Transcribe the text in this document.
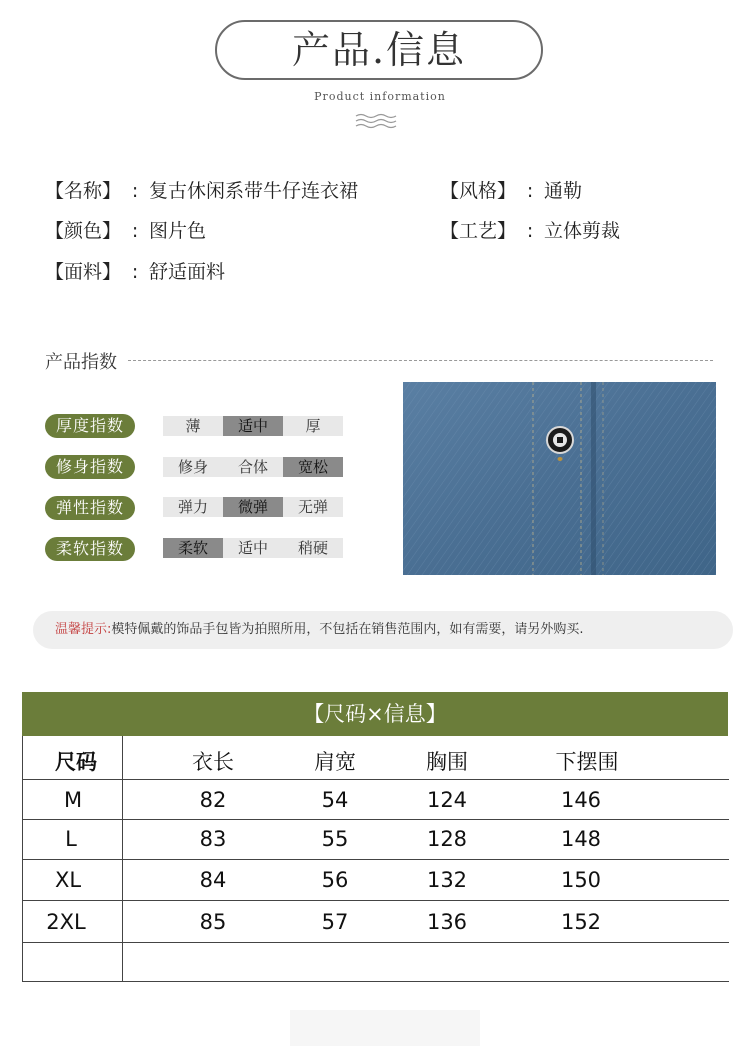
产品.信息
Product information
【名称】 : 复古休闲系带牛仔连衣裙	【风格】 : 通勒
【颜色】 : 图片色	【工艺】 : 立体剪裁
【面料】 : 舒适面料
产品指数
厚度指数	薄	适中	厚
修身指数	修身	合体	宽松
弹性指数	弹力	微弹	无弹
柔软指数	柔软	适中	稍硬
温馨提示:模特佩戴的饰品手包皆为拍照所用，不包括在销售范围内，如有需要，请另外购买.
【尺码×信息】
尺码	衣长	肩宽	胸围	下摆围
M	82	54	124	146
L	83	55	128	148
XL	84	56	132	150
2XL	85	57	136	152
